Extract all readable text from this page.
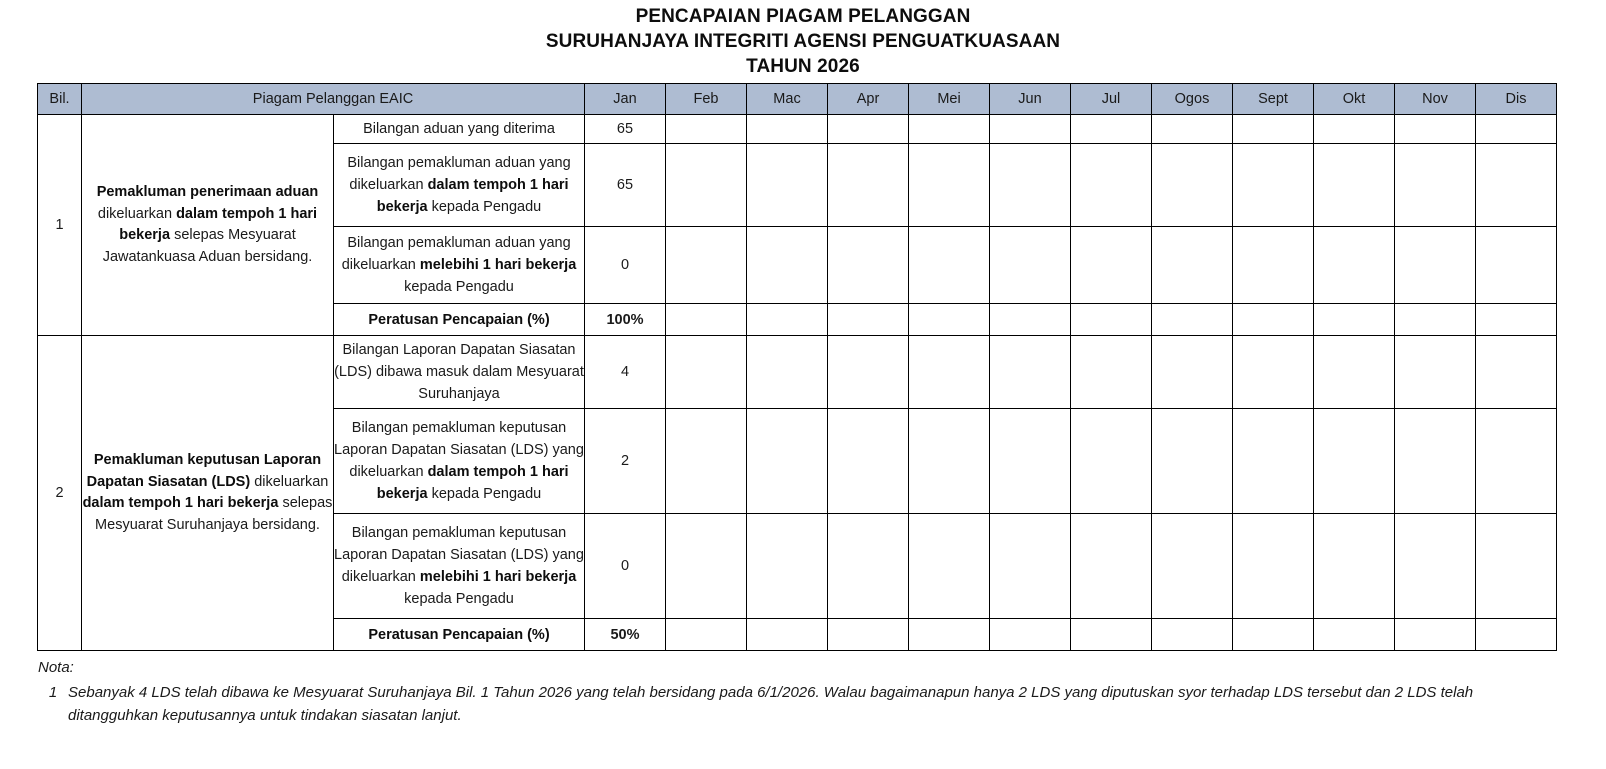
PENCAPAIAN PIAGAM PELANGGAN
SURUHANJAYA INTEGRITI AGENSI PENGUATKUASAAN
TAHUN 2026
Bil.	Piagam Pelanggan EAIC		Jan	Feb	Mac	Apr	Mei	Jun	Jul	Ogos	Sept	Okt	Nov	Dis
1	Pemakluman penerimaan aduan dikeluarkan dalam tempoh 1 hari bekerja selepas Mesyuarat Jawatankuasa Aduan bersidang.	Bilangan aduan yang diterima	65											
		Bilangan pemakluman aduan yang dikeluarkan dalam tempoh 1 hari bekerja kepada Pengadu	65											
		Bilangan pemakluman aduan yang dikeluarkan melebihi 1 hari bekerja kepada Pengadu	0											
		Peratusan Pencapaian (%)	100%											
2	Pemakluman keputusan Laporan Dapatan Siasatan (LDS) dikeluarkan dalam tempoh 1 hari bekerja selepas Mesyuarat Suruhanjaya bersidang.	Bilangan Laporan Dapatan Siasatan (LDS) dibawa masuk dalam Mesyuarat Suruhanjaya	4											
		Bilangan pemakluman keputusan Laporan Dapatan Siasatan (LDS) yang dikeluarkan dalam tempoh 1 hari bekerja kepada Pengadu	2											
		Bilangan pemakluman keputusan Laporan Dapatan Siasatan (LDS) yang dikeluarkan melebihi 1 hari bekerja kepada Pengadu	0											
		Peratusan Pencapaian (%)	50%											
Nota:
1 Sebanyak 4 LDS telah dibawa ke Mesyuarat Suruhanjaya Bil. 1 Tahun 2026 yang telah bersidang pada 6/1/2026. Walau bagaimanapun hanya 2 LDS yang diputuskan syor terhadap LDS tersebut dan 2 LDS telah ditangguhkan keputusannya untuk tindakan siasatan lanjut.
